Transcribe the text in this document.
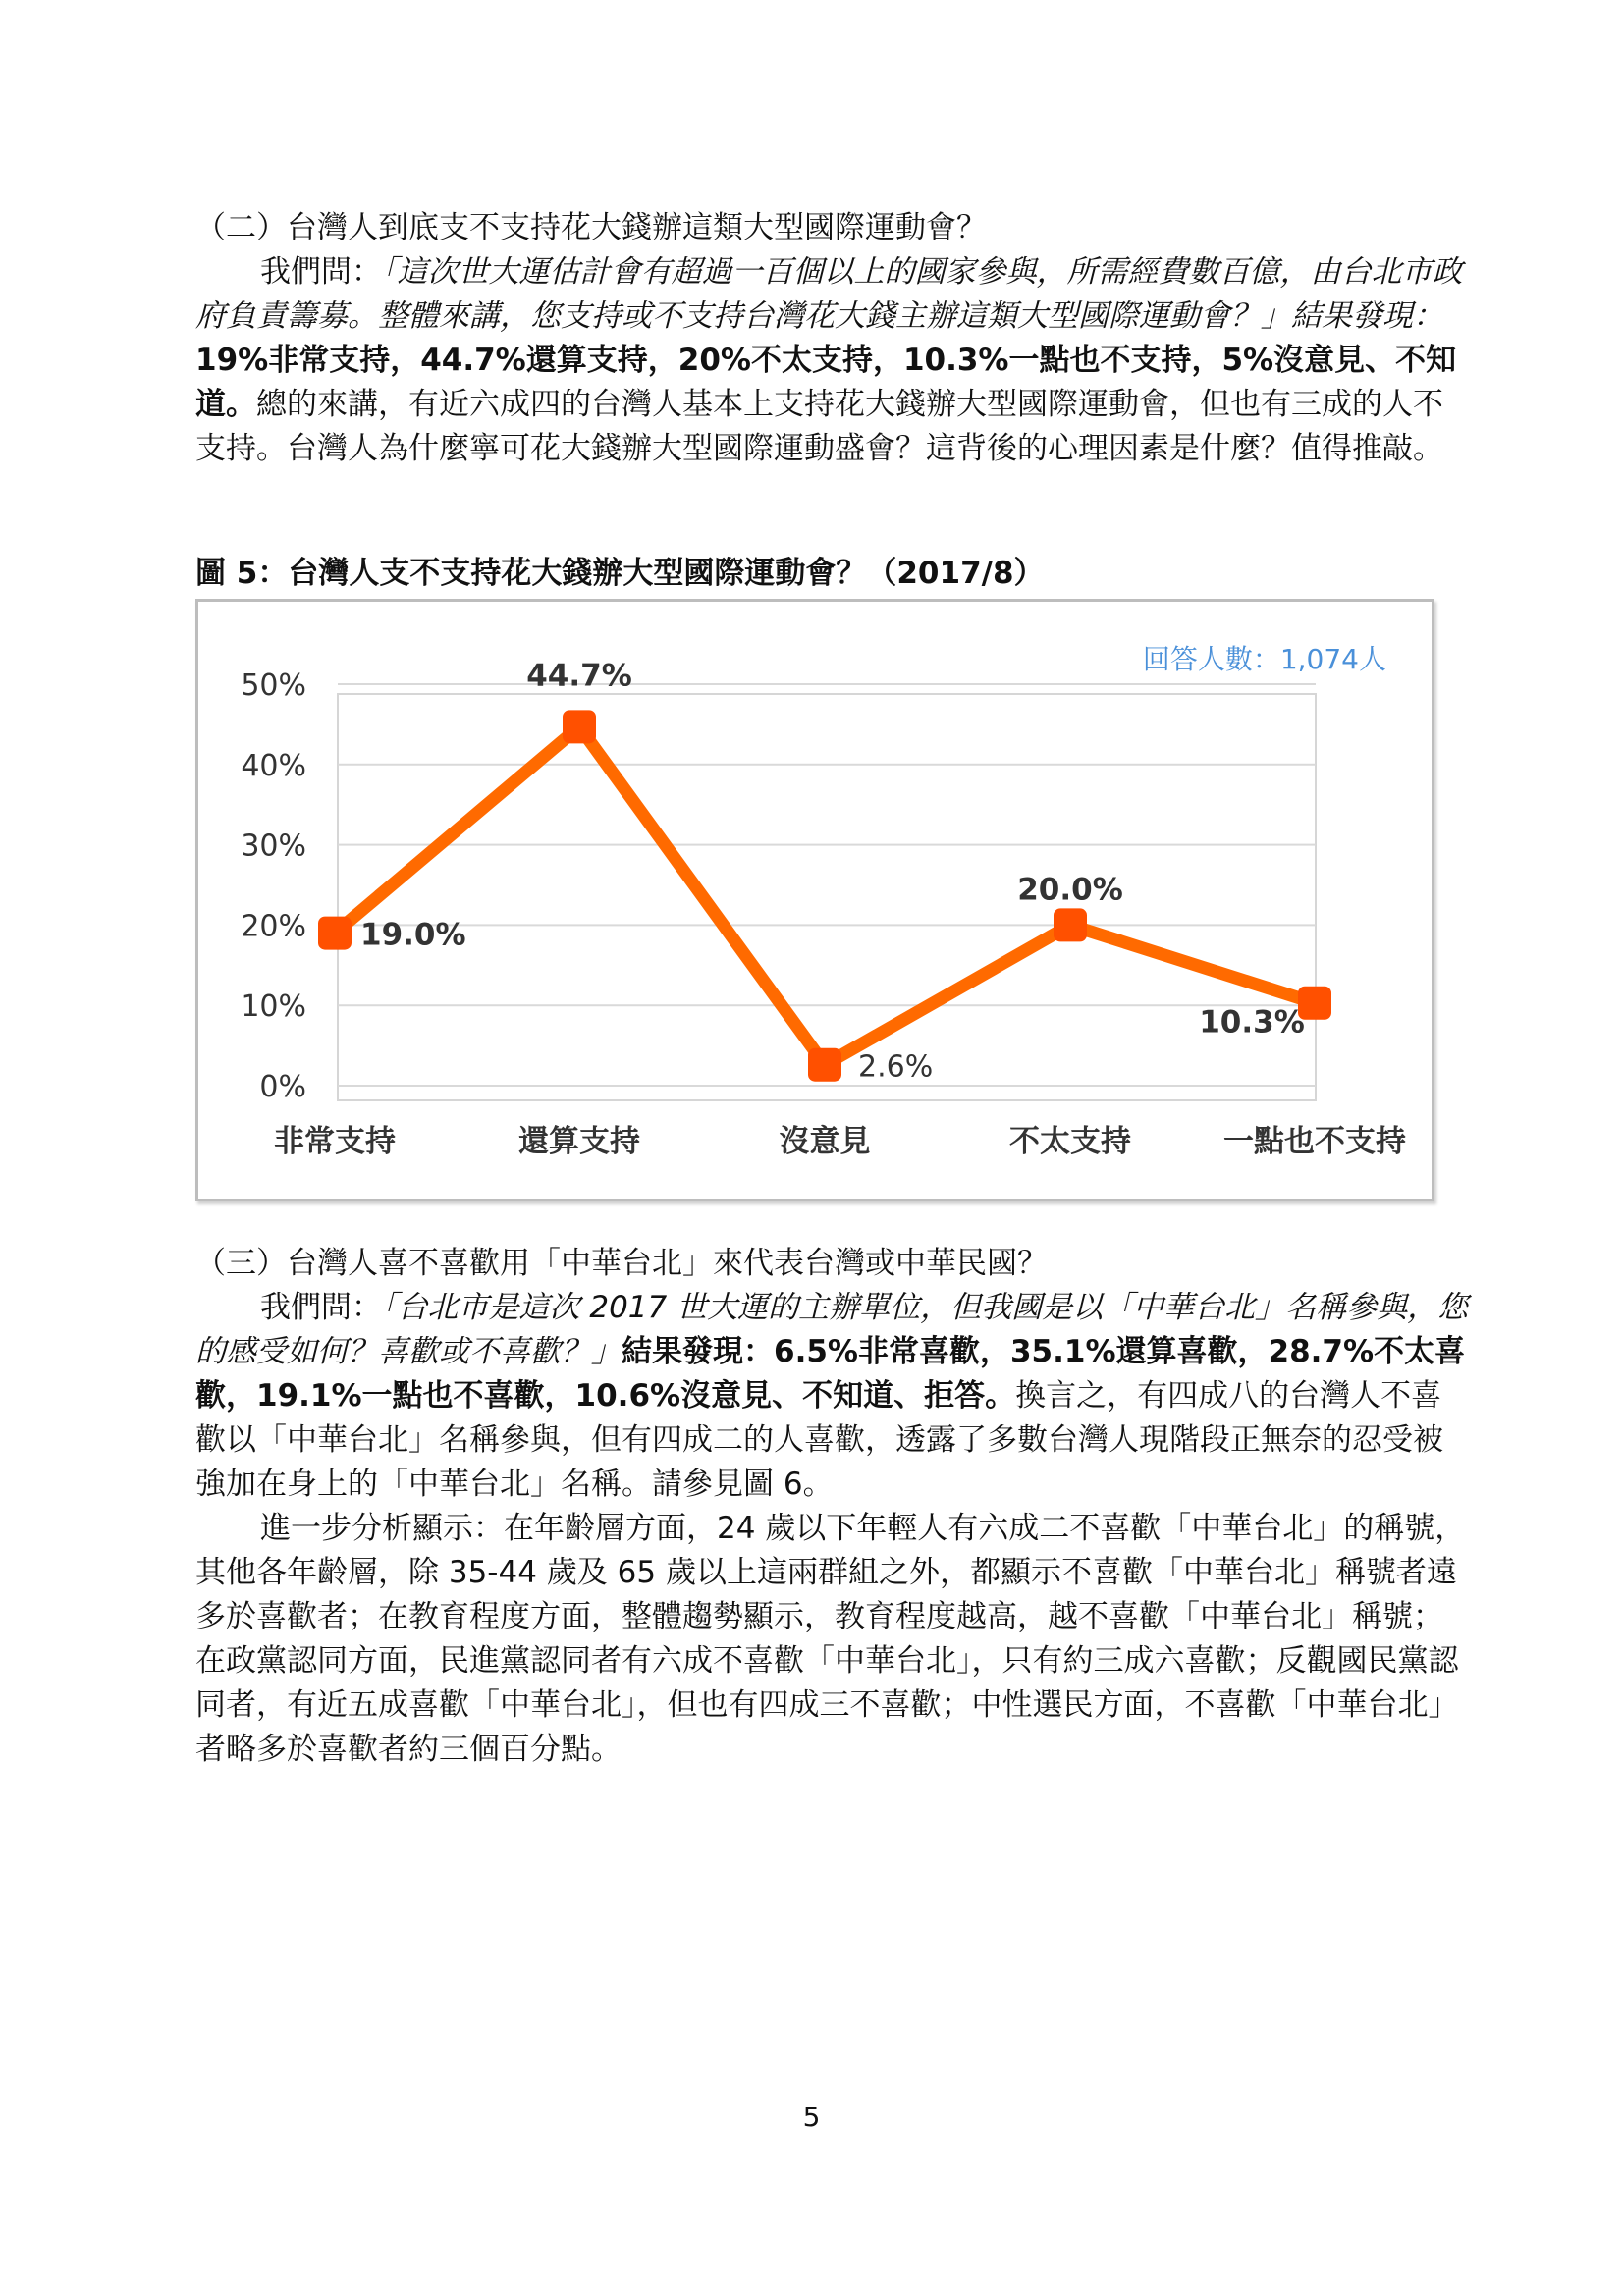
（二）台灣人到底支不支持花大錢辦這類大型國際運動會？

我們問：「這次世大運估計會有超過一百個以上的國家參與，所需經費數百億，由台北市政府負責籌募。整體來講，您支持或不支持台灣花大錢主辦這類大型國際運動會？」結果發現：19%非常支持，44.7%還算支持，20%不太支持，10.3%一點也不支持，5%沒意見、不知道。總的來講，有近六成四的台灣人基本上支持花大錢辦大型國際運動會，但也有三成的人不支持。台灣人為什麼寧可花大錢辦大型國際運動盛會？這背後的心理因素是什麼？值得推敲。

圖 5：台灣人支不支持花大錢辦大型國際運動會？（2017/8）

回答人數：1,074人
0%
10%
20%
30%
40%
50%
非常支持	還算支持	沒意見	不太支持	一點也不支持
19.0%
44.7%
2.6%
20.0%
10.3%

（三）台灣人喜不喜歡用「中華台北」來代表台灣或中華民國？

我們問：「台北市是這次 2017 世大運的主辦單位，但我國是以「中華台北」名稱參與，您的感受如何？喜歡或不喜歡？」結果發現：6.5%非常喜歡，35.1%還算喜歡，28.7%不太喜歡，19.1%一點也不喜歡，10.6%沒意見、不知道、拒答。換言之，有四成八的台灣人不喜歡以「中華台北」名稱參與，但有四成二的人喜歡，透露了多數台灣人現階段正無奈的忍受被強加在身上的「中華台北」名稱。請參見圖 6。

進一步分析顯示：在年齡層方面，24 歲以下年輕人有六成二不喜歡「中華台北」的稱號，其他各年齡層，除 35-44 歲及 65 歲以上這兩群組之外，都顯示不喜歡「中華台北」稱號者遠多於喜歡者；在教育程度方面，整體趨勢顯示，教育程度越高，越不喜歡「中華台北」稱號；在政黨認同方面，民進黨認同者有六成不喜歡「中華台北」，只有約三成六喜歡；反觀國民黨認同者，有近五成喜歡「中華台北」，但也有四成三不喜歡；中性選民方面，不喜歡「中華台北」者略多於喜歡者約三個百分點。

5
